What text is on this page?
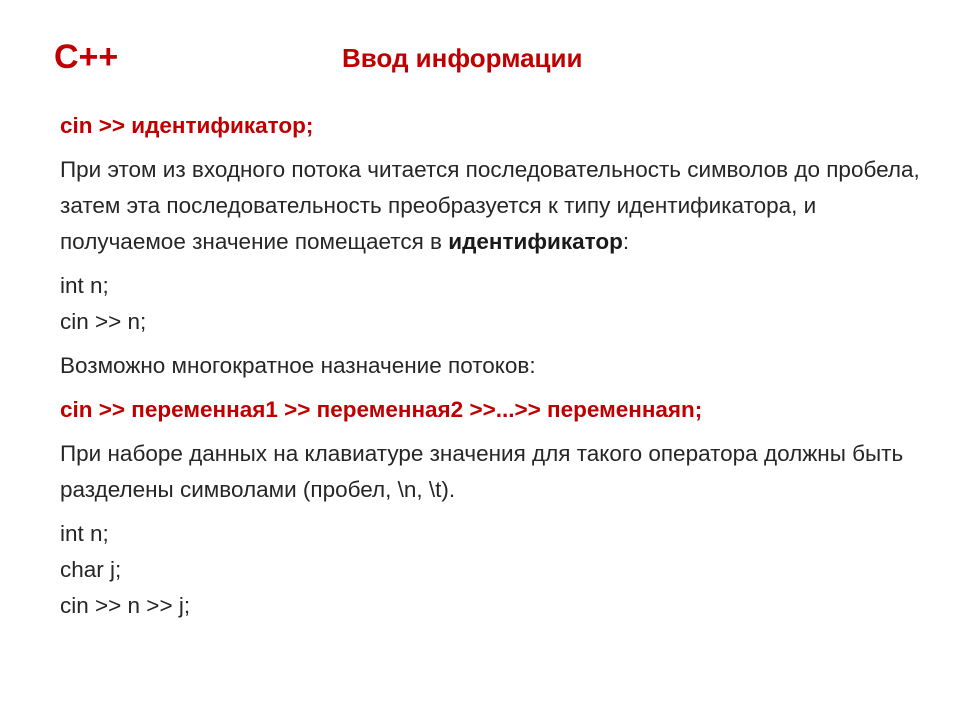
C++	Ввод информации
cin >> идентификатор;
При этом из входного потока читается последовательность символов до пробела, затем эта последовательность преобразуется к типу идентификатора, и получаемое значение помещается в идентификатор:
int n;
cin >> n;
Возможно многократное назначение потоков:
cin >> переменная1 >> переменная2 >>...>> переменнаяn;
При наборе данных на клавиатуре значения для такого оператора должны быть разделены символами (пробел, \n, \t).
int n;
char j;
cin >> n >> j;
